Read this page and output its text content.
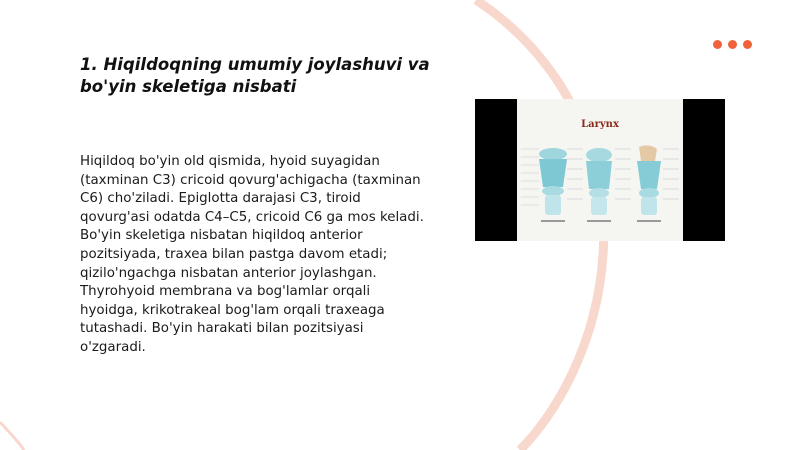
1. Hiqildoqning umumiy joylashuvi va bo'yin skeletiga nisbati

Hiqildoq bo'yin old qismida, hyoid suyagidan (taxminan C3) cricoid qovurg'achigacha (taxminan C6) cho'ziladi. Epiglotta darajasi C3, tiroid qovurg'asi odatda C4–C5, cricoid C6 ga mos keladi. Bo'yin skeletiga nisbatan hiqildoq anterior pozitsiyada, traxea bilan pastga davom etadi; qizilo'ngachga nisbatan anterior joylashgan. Thyrohyoid membrana va bog'lamlar orqali hyoidga, krikotrakeal bog'lam orqali traxeaga tutashadi. Bo'yin harakati bilan pozitsiyasi o'zgaradi.

Larynx
